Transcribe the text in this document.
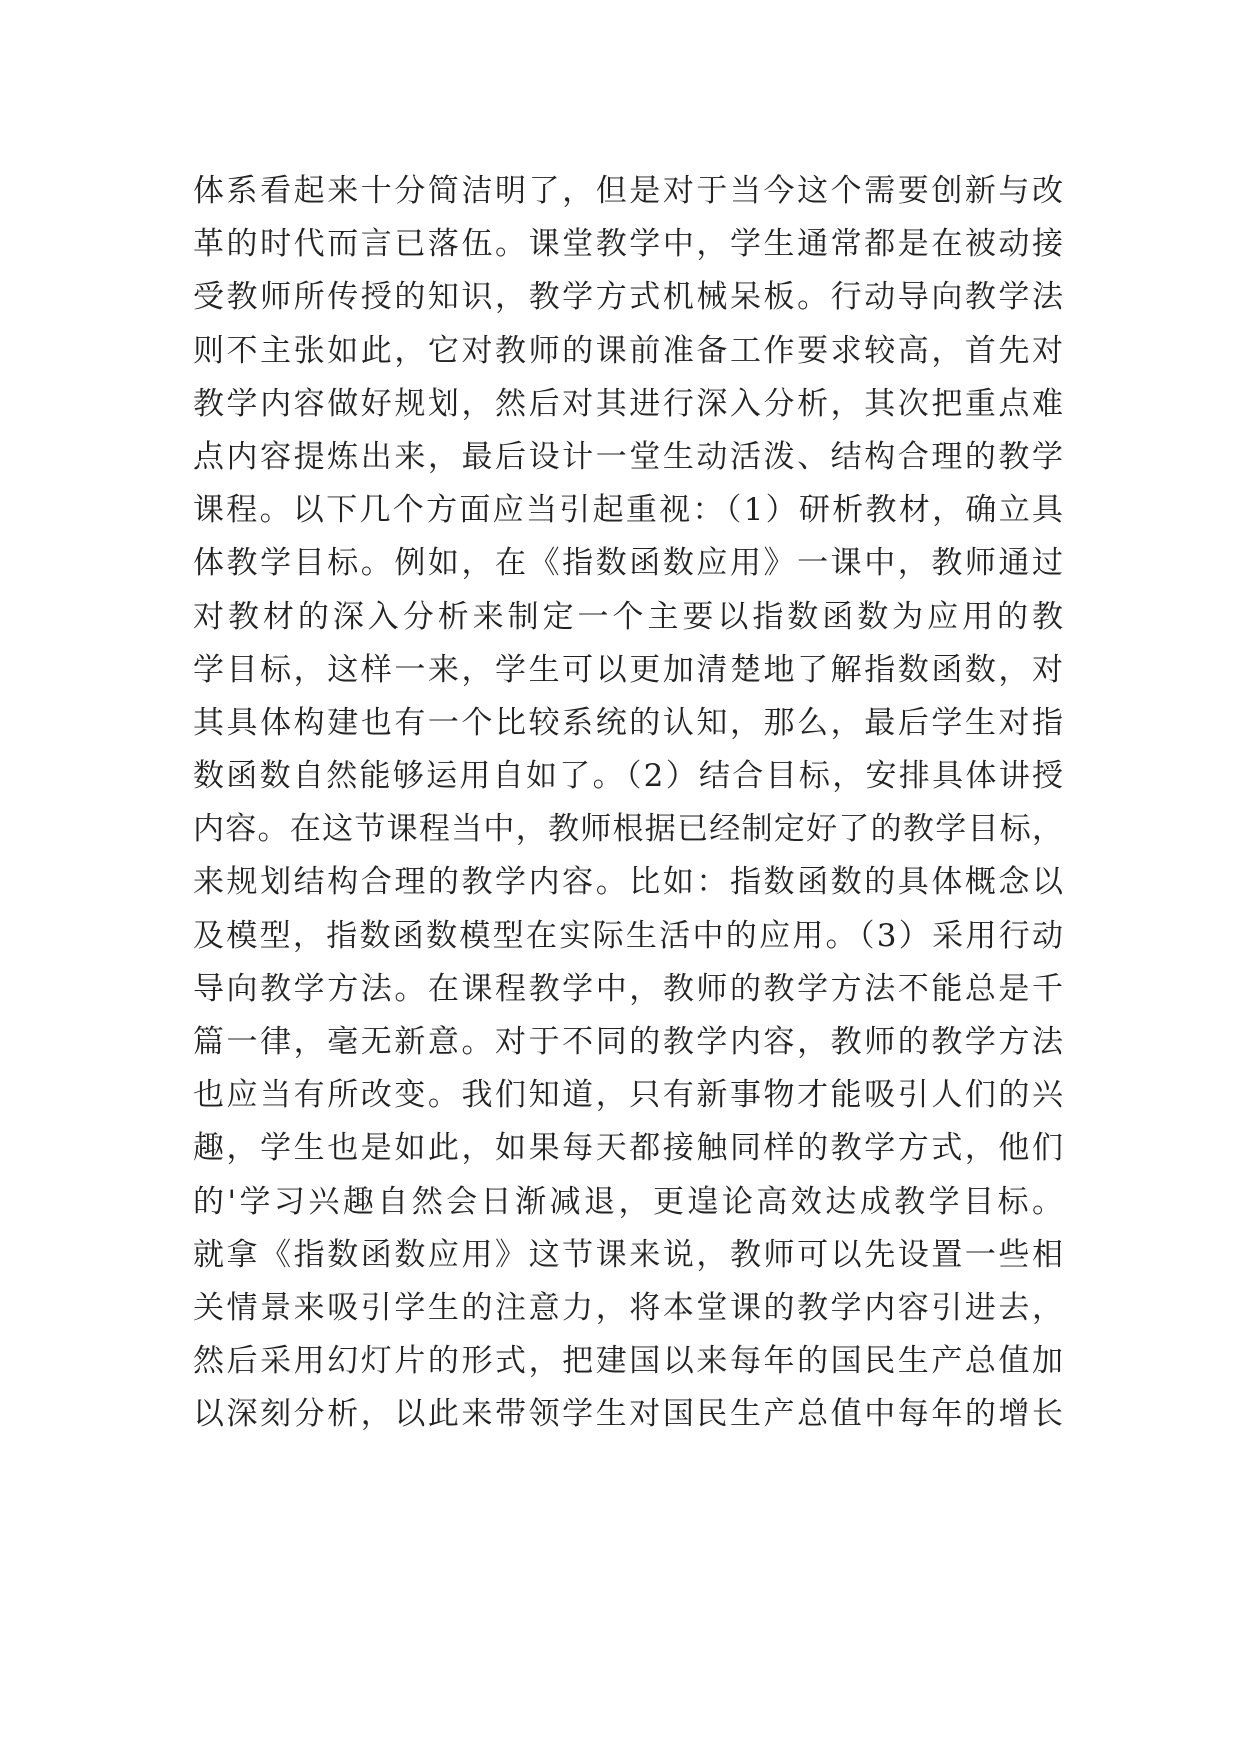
体系看起来十分简洁明了，但是对于当今这个需要创新与改
革的时代而言已落伍。课堂教学中，学生通常都是在被动接
受教师所传授的知识，教学方式机械呆板。行动导向教学法
则不主张如此，它对教师的课前准备工作要求较高，首先对
教学内容做好规划，然后对其进行深入分析，其次把重点难
点内容提炼出来，最后设计一堂生动活泼、结构合理的教学
课程。以下几个方面应当引起重视：（1）研析教材，确立具
体教学目标。例如，在《指数函数应用》一课中，教师通过
对教材的深入分析来制定一个主要以指数函数为应用的教
学目标，这样一来，学生可以更加清楚地了解指数函数，对
其具体构建也有一个比较系统的认知，那么，最后学生对指
数函数自然能够运用自如了。（2）结合目标，安排具体讲授
内容。在这节课程当中，教师根据已经制定好了的教学目标，
来规划结构合理的教学内容。比如：指数函数的具体概念以
及模型，指数函数模型在实际生活中的应用。（3）采用行动
导向教学方法。在课程教学中，教师的教学方法不能总是千
篇一律，毫无新意。对于不同的教学内容，教师的教学方法
也应当有所改变。我们知道，只有新事物才能吸引人们的兴
趣，学生也是如此，如果每天都接触同样的教学方式，他们
的'学习兴趣自然会日渐减退，更遑论高效达成教学目标。
就拿《指数函数应用》这节课来说，教师可以先设置一些相
关情景来吸引学生的注意力，将本堂课的教学内容引进去，
然后采用幻灯片的形式，把建国以来每年的国民生产总值加
以深刻分析，以此来带领学生对国民生产总值中每年的增长
